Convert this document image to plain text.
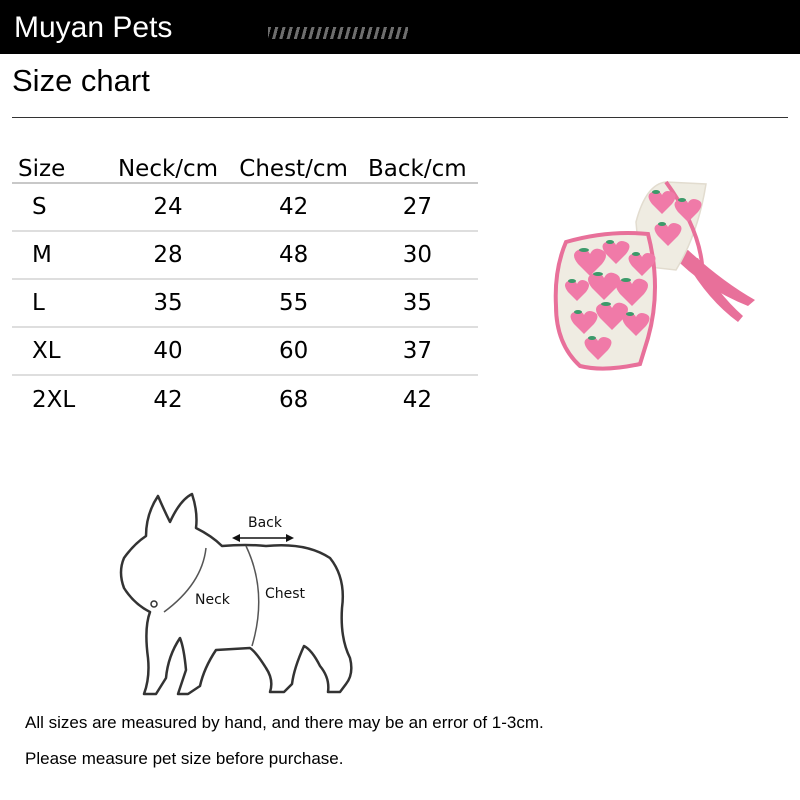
Muyan Pets
Size chart
Size	Neck/cm	Chest/cm	Back/cm
S	24	42	27
M	28	48	30
L	35	55	35
XL	40	60	37
2XL	42	68	42
Back
Neck	Chest
All sizes are measured by hand, and there may be an error of 1-3cm.
Please measure pet size before purchase.
